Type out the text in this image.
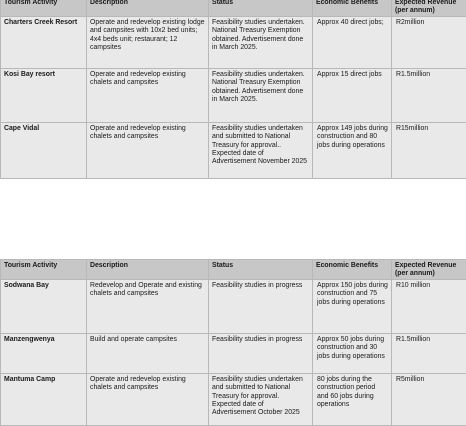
Tourism Activity	Description	Status	Economic Benefits	Expected Revenue (per annum)
Charters Creek Resort	Operate and redevelop existing lodge and campsites with 10x2 bed units; 4x4 beds unit; restaurant; 12 campsites	Feasibility studies undertaken. National Treasury Exemption obtained. Advertisement done in March 2025.	Approx 40 direct jobs;	R2million
Kosi Bay resort	Operate and redevelop existing chalets and campsites	Feasibility studies undertaken. National Treasury Exemption obtained. Advertisement done in March 2025.	Approx 15 direct jobs	R1.5million
Cape Vidal	Operate and redevelop existing chalets and campsites	Feasibility studies undertaken and submitted to National Treasury for approval.. Expected date of Advertisement November 2025	Approx 149 jobs during construction and 80 jobs during operations	R15million
Tourism Activity	Description	Status	Economic Benefits	Expected Revenue (per annum)
Sodwana Bay	Redevelop and Operate and existing chalets and campsites	Feasibility studies in progress	Approx 150 jobs during construction and 75 jobs during operations	R10 million
Manzengwenya	Build and operate campsites	Feasibility studies in progress	Approx 50 jobs during construction and 30 jobs during operations	R1.5million
Mantuma Camp	Operate and redevelop existing chalets and campsites	Feasibility studies undertaken and submitted to National Treasury for approval. Expected date of Advertisement October 2025	80 jobs during the construction period and 60 jobs during operations	R5million
